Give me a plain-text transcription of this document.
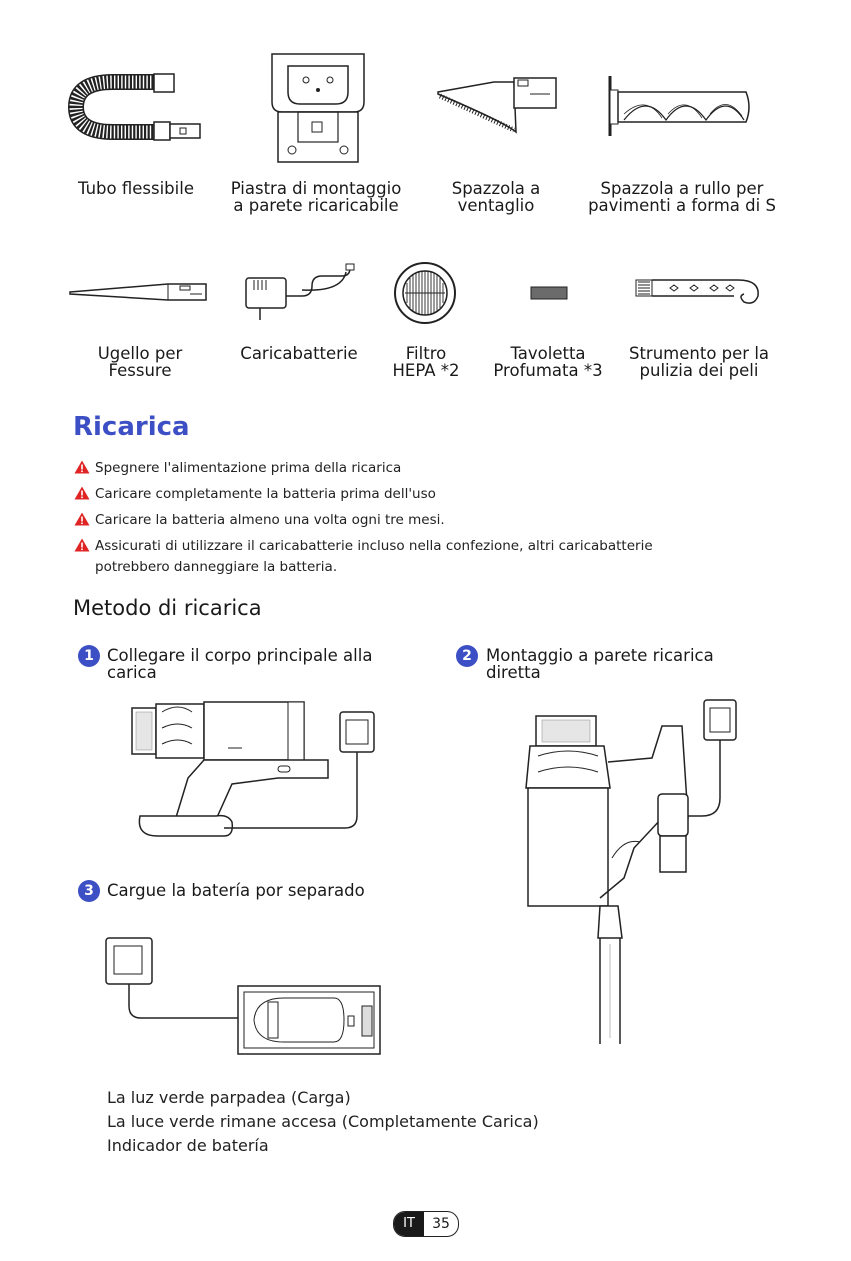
Tubo flessibile	Piastra di montaggio
a parete ricaricabile
Spazzola a
ventaglio
Spazzola a rullo per
pavimenti a forma di S
Ugello per
Fessure
Caricabatterie	Filtro
HEPA *2
Tavoletta
Profumata *3
Strumento per la
pulizia dei peli
Ricarica
Spegnere l'alimentazione prima della ricarica
Caricare completamente la batteria prima dell'uso
Caricare la batteria almeno una volta ogni tre mesi.
Assicurati di utilizzare il caricabatterie incluso nella confezione, altri caricabatterie
potrebbero danneggiare la batteria.
Metodo di ricarica
1 Collegare il corpo principale alla
carica
2 Montaggio a parete ricarica
diretta
3 Cargue la batería por separado
La luz verde parpadea (Carga)
La luce verde rimane accesa (Completamente Carica)
Indicador de batería
IT	35
